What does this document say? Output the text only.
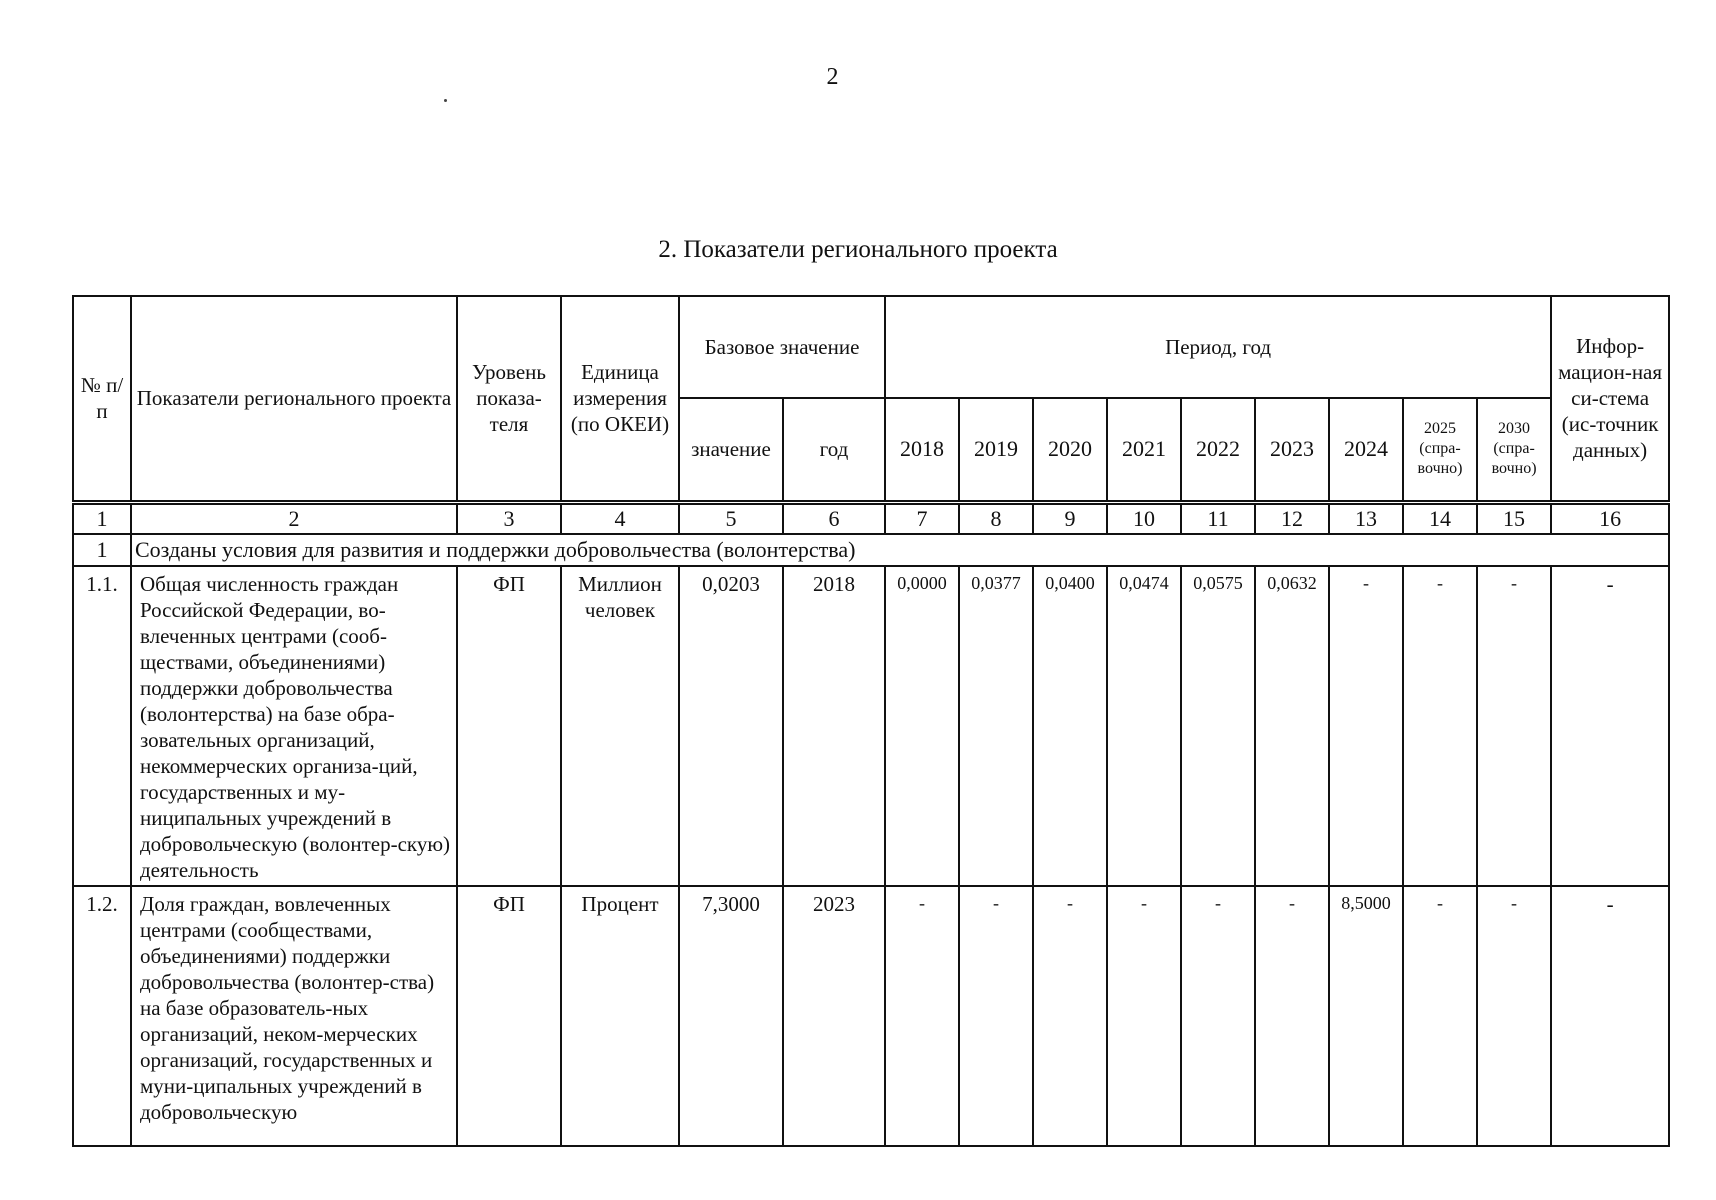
2
2. Показатели регионального проекта
№ п/п	Показатели регионального проекта	Уровень показа-теля	Единица измерения (по ОКЕИ)	Базовое значение		Период, год									Инфор-мацион-ная си-стема (ис-точник данных)
				значение	год	2018	2019	2020	2021	2022	2023	2024	2025 (спра-вочно)	2030 (спра-вочно)	
1	2	3	4	5	6	7	8	9	10	11	12	13	14	15	16
1	Созданы условия для развития и поддержки добровольчества (волонтерства)														
1.1.	Общая численность граждан Российской Федерации, во-влеченных центрами (сооб-ществами, объединениями) поддержки добровольчества (волонтерства) на базе обра-зовательных организаций, некоммерческих организа-ций, государственных и му-ниципальных учреждений в добровольческую (волонтер-скую) деятельность	ФП	Миллион человек	0,0203	2018	0,0000	0,0377	0,0400	0,0474	0,0575	0,0632	-	-	-	-
1.2.	Доля граждан, вовлеченных центрами (сообществами, объединениями) поддержки добровольчества (волонтер-ства) на базе образователь-ных организаций, неком-мерческих организаций, государственных и муни-ципальных учреждений в добровольческую	ФП	Процент	7,3000	2023	-	-	-	-	-	-	8,5000	-	-	-
